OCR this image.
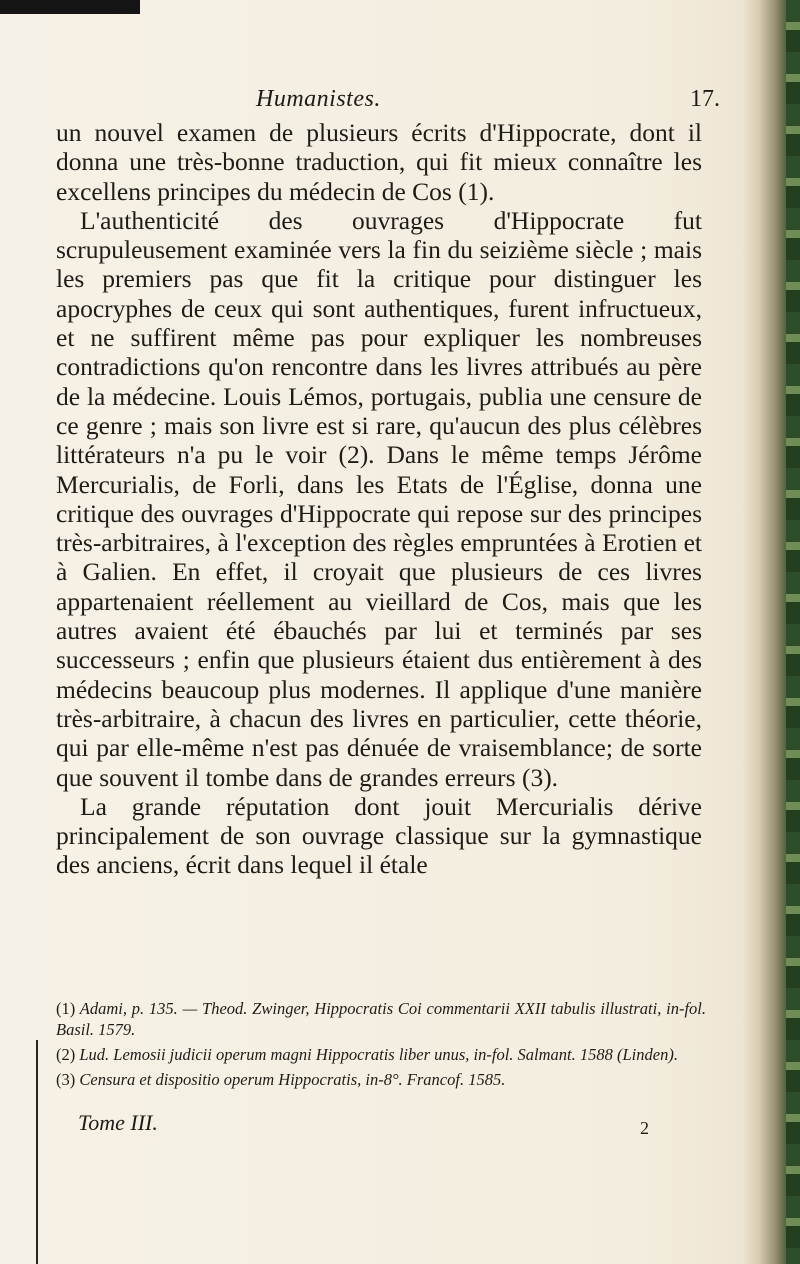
Humanistes.	17.

un nouvel examen de plusieurs écrits d'Hippocrate, dont il donna une très-bonne traduction, qui fit mieux connaître les excellens principes du médecin de Cos (1).

L'authenticité des ouvrages d'Hippocrate fut scrupuleusement examinée vers la fin du seizième siècle ; mais les premiers pas que fit la critique pour distinguer les apocryphes de ceux qui sont authentiques, furent infructueux, et ne suffirent même pas pour expliquer les nombreuses contradictions qu'on rencontre dans les livres attribués au père de la médecine. Louis Lémos, portugais, publia une censure de ce genre ; mais son livre est si rare, qu'aucun des plus célèbres littérateurs n'a pu le voir (2). Dans le même temps Jérôme Mercurialis, de Forli, dans les Etats de l'Église, donna une critique des ouvrages d'Hippocrate qui repose sur des principes très-arbitraires, à l'exception des règles empruntées à Erotien et à Galien. En effet, il croyait que plusieurs de ces livres appartenaient réellement au vieillard de Cos, mais que les autres avaient été ébauchés par lui et terminés par ses successeurs ; enfin que plusieurs étaient dus entièrement à des médecins beaucoup plus modernes. Il applique d'une manière très-arbitraire, à chacun des livres en particulier, cette théorie, qui par elle-même n'est pas dénuée de vraisemblance; de sorte que souvent il tombe dans de grandes erreurs (3).

La grande réputation dont jouit Mercurialis dérive principalement de son ouvrage classique sur la gymnastique des anciens, écrit dans lequel il étale

(1) Adami, p. 135. — Theod. Zwinger, Hippocratis Coi commentarii XXII tabulis illustrati, in-fol. Basil. 1579.

(2) Lud. Lemosii judicii operum magni Hippocratis liber unus, in-fol. Salmant. 1588 (Linden).

(3) Censura et dispositio operum Hippocratis, in-8°. Francof. 1585.

Tome III.	2
